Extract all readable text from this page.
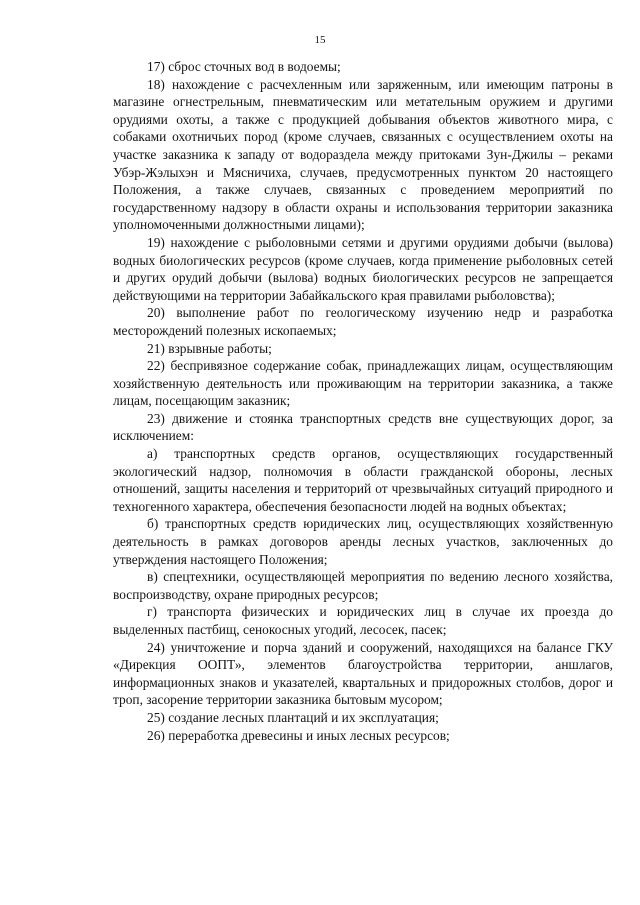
15

17) сброс сточных вод в водоемы;

18) нахождение с расчехленным или заряженным, или имеющим патроны в магазине огнестрельным, пневматическим или метательным оружием и другими орудиями охоты, а также с продукцией добывания объектов животного мира, с собаками охотничьих пород (кроме случаев, связанных с осуществлением охоты на участке заказника к западу от водораздела между притоками Зун-Джилы – реками Убэр-Жэлыхэн и Мясничиха, случаев, предусмотренных пунктом 20 настоящего Положения, а также случаев, связанных с проведением мероприятий по государственному надзору в области охраны и использования территории заказника уполномоченными должностными лицами);

19) нахождение с рыболовными сетями и другими орудиями добычи (вылова) водных биологических ресурсов (кроме случаев, когда применение рыболовных сетей и других орудий добычи (вылова) водных биологических ресурсов не запрещается действующими на территории Забайкальского края правилами рыболовства);

20) выполнение работ по геологическому изучению недр и разработка месторождений полезных ископаемых;

21) взрывные работы;

22) беспривязное содержание собак, принадлежащих лицам, осуществляющим хозяйственную деятельность или проживающим на территории заказника, а также лицам, посещающим заказник;

23) движение и стоянка транспортных средств вне существующих дорог, за исключением:

а) транспортных средств органов, осуществляющих государственный экологический надзор, полномочия в области гражданской обороны, лесных отношений, защиты населения и территорий от чрезвычайных ситуаций природного и техногенного характера, обеспечения безопасности людей на водных объектах;

б) транспортных средств юридических лиц, осуществляющих хозяйственную деятельность в рамках договоров аренды лесных участков, заключенных до утверждения настоящего Положения;

в) спецтехники, осуществляющей мероприятия по ведению лесного хозяйства, воспроизводству, охране природных ресурсов;

г) транспорта физических и юридических лиц в случае их проезда до выделенных пастбищ, сенокосных угодий, лесосек, пасек;

24) уничтожение и порча зданий и сооружений, находящихся на балансе ГКУ «Дирекция ООПТ», элементов благоустройства территории, аншлагов, информационных знаков и указателей, квартальных и придорожных столбов, дорог и троп, засорение территории заказника бытовым мусором;

25) создание лесных плантаций и их эксплуатация;

26) переработка древесины и иных лесных ресурсов;
